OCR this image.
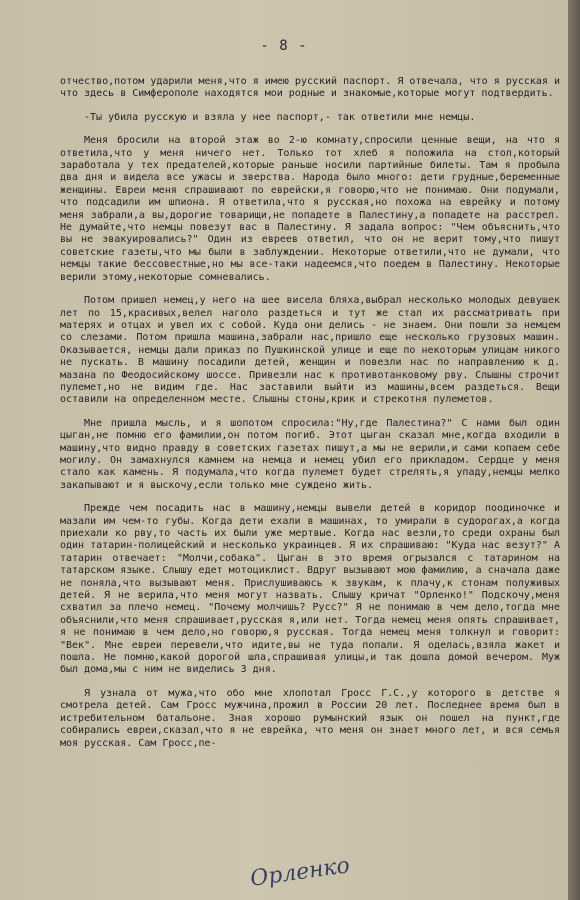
- 8 -

отчество,потом ударили меня,что я имею русский паспорт. Я отвечала, что я русская и что здесь в Симферополе находятся мои родные и знакомые,которые могут подтвердить.

-Ты убила русскую и взяла у нее паспорт,- так ответили мне немцы.

Меня бросили на второй этаж во 2-ю комнату,спросили ценные вещи, на что я ответила,что у меня ничего нет. Только тот хлеб я положила на стол,который заработала у тех предателей,которые раньше носили партийные билеты. Там я пробыла два дня и видела все ужасы и зверства. Народа было много: дети грудные,беременные женщины. Евреи меня спрашивают по еврейски,я говорю,что не понимаю. Они подумали, что подсадили им шпиона. Я ответила,что я русская,но похожа на еврейку и потому меня забрали,а вы,дорогие товарищи,не попадете в Палестину,а попадете на расстрел. Не думайте,что немцы повезут вас в Палестину. Я задала вопрос: "Чем объяснить,что вы не эвакуировались?" Один из евреев ответил, что он не верит тому,что пишут советские газеты,что мы были в заблуждении. Некоторые ответили,что не думали, что немцы такие бессовестные,но мы все-таки надеемся,что поедем в Палестину. Некоторые верили этому,некоторые сомневались.

Потом пришел немец,у него на шее висела бляха,выбрал несколько молодых девушек лет по 15,красивых,велел наголо раздеться и тут же стал их рассматривать при матерях и отцах и увел их с собой. Куда они делись - не знаем. Они пошли за немцем со слезами. Потом пришла машина,забрали нас,пришло еще несколько грузовых машин. Оказывается, немцы дали приказ по Пушкинской улице и еще по некоторым улицам никого не пускать. В машину посадили детей, женщин и повезли нас по направлению к д. мазана по Феодосийскому шоссе. Привезли нас к противотанковому рву. Слышны строчит пулемет,но не видим где. Нас заставили выйти из машины,всем раздеться. Вещи оставили на определенном месте. Слышны стоны,крик и стрекотня пулеметов.

Мне пришла мысль, и я шопотом спросила:"Ну,где Палестина?" С нами был один цыган,не помню его фамилии,он потом погиб. Этот цыган сказал мне,когда входили в машину,что видно правду в советских газетах пишут,а мы не верили,и сами копаем себе могилу. Он замахнулся камнем на немца и немец убил его прикладом. Сердце у меня стало как камень. Я подумала,что когда пулемет будет стрелять,я упаду,немцы мелко закапывают и я выскочу,если только мне суждено жить.

Прежде чем посадить нас в машину,немцы вывели детей в коридор поодиночке и мазали им чем-то губы. Когда дети ехали в машинах, то умирали в судорогах,а когда приехали ко рву,то часть их были уже мертвые. Когда нас везли,то среди охраны был один татарин-полицейский и несколько украинцев. Я их спрашиваю: "Куда нас везут?" А татарин отвечает: "Молчи,собака". Цыган в это время огрызался с татарином на татарском языке. Слышу едет мотоциклист. Вдруг вызывают мою фамилию, а сначала даже не поняла,что вызывают меня. Прислушиваюсь к звукам, к плачу,к стонам полуживых детей. Я не верила,что меня могут назвать. Слышу кричат "Орленко!" Подскочу,меня схватил за плечо немец. "Почему молчишь? Русс?" Я не понимаю в чем дело,тогда мне объяснили,что меня спрашивает,русская я,или нет. Тогда немец меня опять спрашивает, я не понимаю в чем дело,но говорю,я русская. Тогда немец меня толкнул и говорит: "Век". Мне евреи перевели,что идите,вы не туда попали. Я оделась,взяла жакет и пошла. Не помню,какой дорогой шла,спрашивая улицы,и так дошла домой вечером. Муж был дома,мы с ним не виделись 3 дня.

Я узнала от мужа,что обо мне хлопотал Гросс Г.С.,у которого в детстве я смотрела детей. Сам Гросс мужчина,прожил в России 20 лет. Последнее время был в истребительном батальоне. Зная хорошо румынский язык он пошел на пункт,где собирались евреи,сказал,что я не еврейка, что меня он знает много лет, и вся семья моя русская. Сам Гросс,пе-

Орленко
